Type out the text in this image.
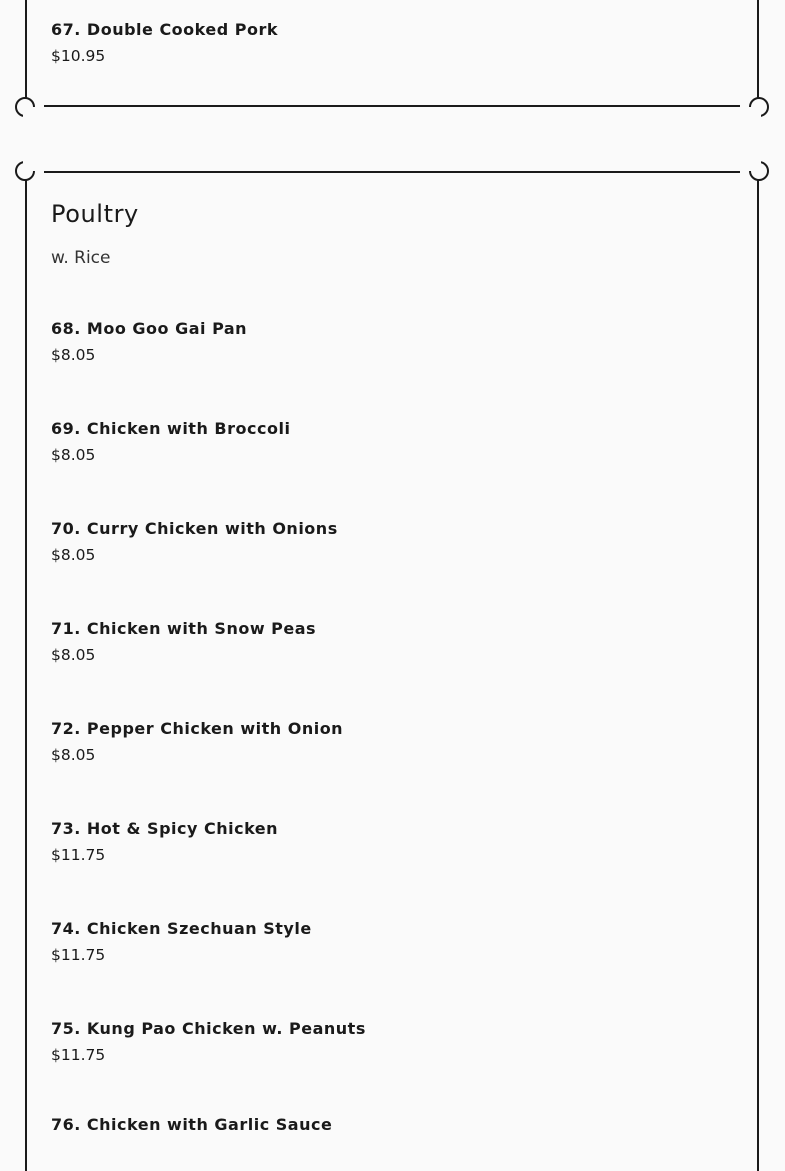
67. Double Cooked Pork
$10.95
Poultry
w. Rice
68. Moo Goo Gai Pan
$8.05
69. Chicken with Broccoli
$8.05
70. Curry Chicken with Onions
$8.05
71. Chicken with Snow Peas
$8.05
72. Pepper Chicken with Onion
$8.05
73. Hot & Spicy Chicken
$11.75
74. Chicken Szechuan Style
$11.75
75. Kung Pao Chicken w. Peanuts
$11.75
76. Chicken with Garlic Sauce
